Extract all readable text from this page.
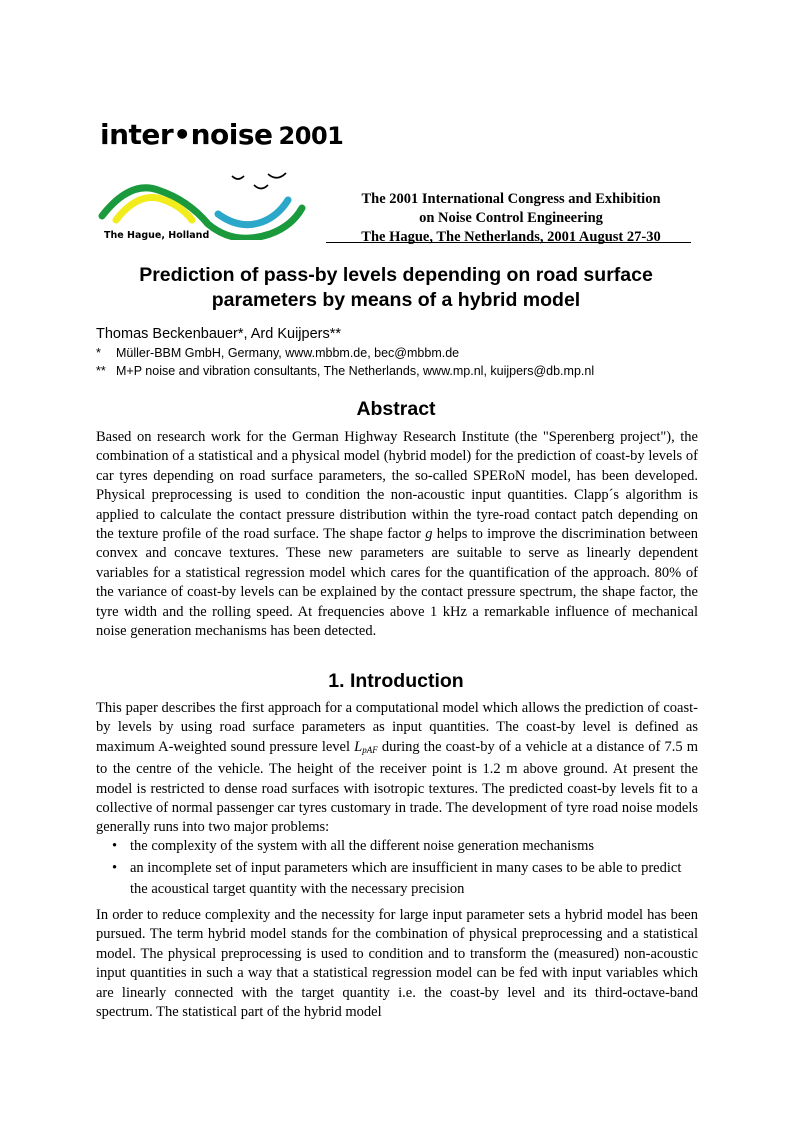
inter•noise 2001
The Hague, Holland
The 2001 International Congress and Exhibition
on Noise Control Engineering
The Hague, The Netherlands, 2001 August 27-30
Prediction of pass-by levels depending on road surface
parameters by means of a hybrid model
Thomas Beckenbauer*, Ard Kuijpers**
* Müller-BBM GmbH, Germany, www.mbbm.de, bec@mbbm.de
** M+P noise and vibration consultants, The Netherlands, www.mp.nl, kuijpers@db.mp.nl
Abstract

Based on research work for the German Highway Research Institute (the "Sperenberg project"), the combination of a statistical and a physical model (hybrid model) for the prediction of coast-by levels of car tyres depending on road surface parameters, the so-called SPERoN model, has been developed. Physical preprocessing is used to condition the non-acoustic input quantities. Clapp´s algorithm is applied to calculate the contact pressure distribution within the tyre-road contact patch depending on the texture profile of the road surface. The shape factor g helps to improve the discrimination between convex and concave textures. These new parameters are suitable to serve as linearly dependent variables for a statistical regression model which cares for the quantification of the approach. 80% of the variance of coast-by levels can be explained by the contact pressure spectrum, the shape factor, the tyre width and the rolling speed. At frequencies above 1 kHz a remarkable influence of mechanical noise generation mechanisms has been detected.

1. Introduction

This paper describes the first approach for a computational model which allows the prediction of coast-by levels by using road surface parameters as input quantities. The coast-by level is defined as maximum A-weighted sound pressure level $L_{pAF}$ during the coast-by of a vehicle at a distance of 7.5 m to the centre of the vehicle. The height of the receiver point is 1.2 m above ground. At present the model is restricted to dense road surfaces with isotropic textures. The predicted coast-by levels fit to a collective of normal passenger car tyres customary in trade. The development of tyre road noise models generally runs into two major problems:

• the complexity of the system with all the different noise generation mechanisms
• an incomplete set of input parameters which are insufficient in many cases to be able to predict the acoustical target quantity with the necessary precision

In order to reduce complexity and the necessity for large input parameter sets a hybrid model has been pursued. The term hybrid model stands for the combination of physical preprocessing and a statistical model. The physical preprocessing is used to condition and to transform the (measured) non-acoustic input quantities in such a way that a statistical regression model can be fed with input variables which are linearly connected with the target quantity i.e. the coast-by level and its third-octave-band spectrum. The statistical part of the hybrid model
